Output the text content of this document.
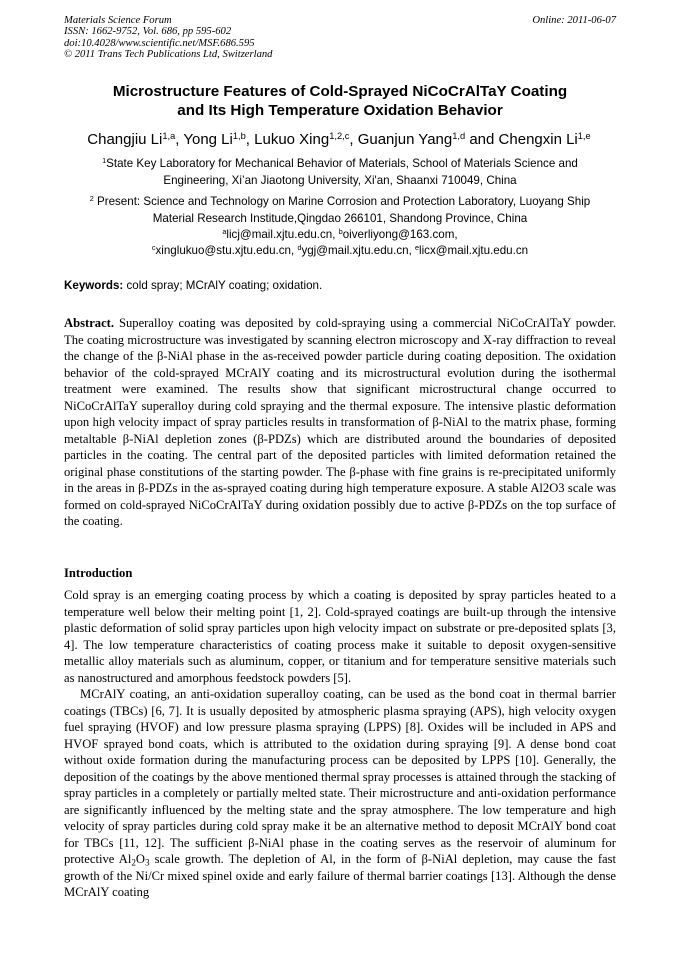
Materials Science Forum
ISSN: 1662-9752, Vol. 686, pp 595-602
doi:10.4028/www.scientific.net/MSF.686.595
© 2011 Trans Tech Publications Ltd, Switzerland
Online: 2011-06-07
Microstructure Features of Cold-Sprayed NiCoCrAlTaY Coating
and Its High Temperature Oxidation Behavior
Changjiu Li$^{1,a}$, Yong Li$^{1,b}$, Lukuo Xing$^{1,2,c}$, Guanjun Yang$^{1,d}$ and Chengxin Li$^{1,e}$
$^1$State Key Laboratory for Mechanical Behavior of Materials, School of Materials Science and
Engineering, Xi’an Jiaotong University, Xi'an, Shaanxi 710049, China
$^2$ Present: Science and Technology on Marine Corrosion and Protection Laboratory, Luoyang Ship
Material Research Institude,Qingdao 266101, Shandong Province, China
$^a$licj@mail.xjtu.edu.cn, $^b$oiverliyong@163.com,
$^c$xinglukuo@stu.xjtu.edu.cn, $^d$ygj@mail.xjtu.edu.cn, $^e$licx@mail.xjtu.edu.cn
Keywords: cold spray; MCrAlY coating; oxidation.

Abstract. Superalloy coating was deposited by cold-spraying using a commercial NiCoCrAlTaY powder. The coating microstructure was investigated by scanning electron microscopy and X-ray diffraction to reveal the change of the β-NiAl phase in the as-received powder particle during coating deposition. The oxidation behavior of the cold-sprayed MCrAlY coating and its microstructural evolution during the isothermal treatment were examined. The results show that significant microstructural change occurred to NiCoCrAlTaY superalloy during cold spraying and the thermal exposure. The intensive plastic deformation upon high velocity impact of spray particles results in transformation of β-NiAl to the matrix phase, forming metaltable β-NiAl depletion zones (β-PDZs) which are distributed around the boundaries of deposited particles in the coating. The central part of the deposited particles with limited deformation retained the original phase constitutions of the starting powder. The β-phase with fine grains is re-precipitated uniformly in the areas in β-PDZs in the as-sprayed coating during high temperature exposure. A stable Al2O3 scale was formed on cold-sprayed NiCoCrAlTaY during oxidation possibly due to active β-PDZs on the top surface of the coating.

Introduction

Cold spray is an emerging coating process by which a coating is deposited by spray particles heated to a temperature well below their melting point [1, 2]. Cold-sprayed coatings are built-up through the intensive plastic deformation of solid spray particles upon high velocity impact on substrate or pre-deposited splats [3, 4]. The low temperature characteristics of coating process make it suitable to deposit oxygen-sensitive metallic alloy materials such as aluminum, copper, or titanium and for temperature sensitive materials such as nanostructured and amorphous feedstock powders [5].

MCrAlY coating, an anti-oxidation superalloy coating, can be used as the bond coat in thermal barrier coatings (TBCs) [6, 7]. It is usually deposited by atmospheric plasma spraying (APS), high velocity oxygen fuel spraying (HVOF) and low pressure plasma spraying (LPPS) [8]. Oxides will be included in APS and HVOF sprayed bond coats, which is attributed to the oxidation during spraying [9]. A dense bond coat without oxide formation during the manufacturing process can be deposited by LPPS [10]. Generally, the deposition of the coatings by the above mentioned thermal spray processes is attained through the stacking of spray particles in a completely or partially melted state. Their microstructure and anti-oxidation performance are significantly influenced by the melting state and the spray atmosphere. The low temperature and high velocity of spray particles during cold spray make it be an alternative method to deposit MCrAlY bond coat for TBCs [11, 12]. The sufficient β-NiAl phase in the coating serves as the reservoir of aluminum for protective $Al_2O_3$ scale growth. The depletion of Al, in the form of β-NiAl depletion, may cause the fast growth of the Ni/Cr mixed spinel oxide and early failure of thermal barrier coatings [13]. Although the dense MCrAlY coating
